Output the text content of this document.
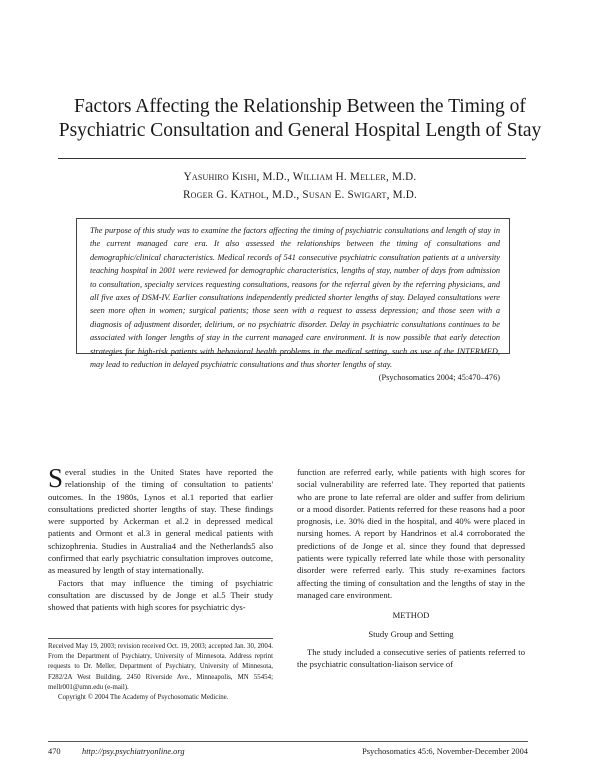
Factors Affecting the Relationship Between the Timing of
Psychiatric Consultation and General Hospital Length of Stay
Yasuhiro Kishi, M.D., William H. Meller, M.D.
Roger G. Kathol, M.D., Susan E. Swigart, M.D.
The purpose of this study was to examine the factors affecting the timing of psychiatric consultations and length of stay in the current managed care era. It also assessed the relationships between the timing of consultations and demographic/clinical characteristics. Medical records of 541 consecutive psychiatric consultation patients at a university teaching hospital in 2001 were reviewed for demographic characteristics, lengths of stay, number of days from admission to consultation, specialty services requesting consultations, reasons for the referral given by the referring physicians, and all five axes of DSM-IV. Earlier consultations independently predicted shorter lengths of stay. Delayed consultations were seen more often in women; surgical patients; those seen with a request to assess depression; and those seen with a diagnosis of adjustment disorder, delirium, or no psychiatric disorder. Delay in psychiatric consultations continues to be associated with longer lengths of stay in the current managed care environment. It is now possible that early detection strategies for high-risk patients with behavioral health problems in the medical setting, such as use of the INTERMED, may lead to reduction in delayed psychiatric consultations and thus shorter lengths of stay.
(Psychosomatics 2004; 45:470–476)

Several studies in the United States have reported the relationship of the timing of consultation to patients' outcomes. In the 1980s, Lynos et al.1 reported that earlier consultations predicted shorter lengths of stay. These findings were supported by Ackerman et al.2 in depressed medical patients and Ormont et al.3 in general medical patients with schizophrenia. Studies in Australia4 and the Netherlands5 also confirmed that early psychiatric consultation improves outcome, as measured by length of stay internationally.

Factors that may influence the timing of psychiatric consultation are discussed by de Jonge et al.5 Their study showed that patients with high scores for psychiatric dys-

Received May 19, 2003; revision received Oct. 19, 2003; accepted Jan. 30, 2004. From the Department of Psychiatry, University of Minnesota. Address reprint requests to Dr. Meller, Department of Psychiatry, University of Minnesota, F282/2A West Building, 2450 Riverside Ave., Minneapolis, MN 55454; mellr001@umn.edu (e-mail).
Copyright © 2004 The Academy of Psychosomatic Medicine.

function are referred early, while patients with high scores for social vulnerability are referred late. They reported that patients who are prone to late referral are older and suffer from delirium or a mood disorder. Patients referred for these reasons had a poor prognosis, i.e. 30% died in the hospital, and 40% were placed in nursing homes. A report by Handrinos et al.4 corroborated the predictions of de Jonge et al. since they found that depressed patients were typically referred late while those with personality disorder were referred early. This study re-examines factors affecting the timing of consultation and the lengths of stay in the managed care environment.

METHOD

Study Group and Setting

The study included a consecutive series of patients referred to the psychiatric consultation-liaison service of

470	http://psy.psychiatryonline.org	Psychosomatics 45:6, November-December 2004
